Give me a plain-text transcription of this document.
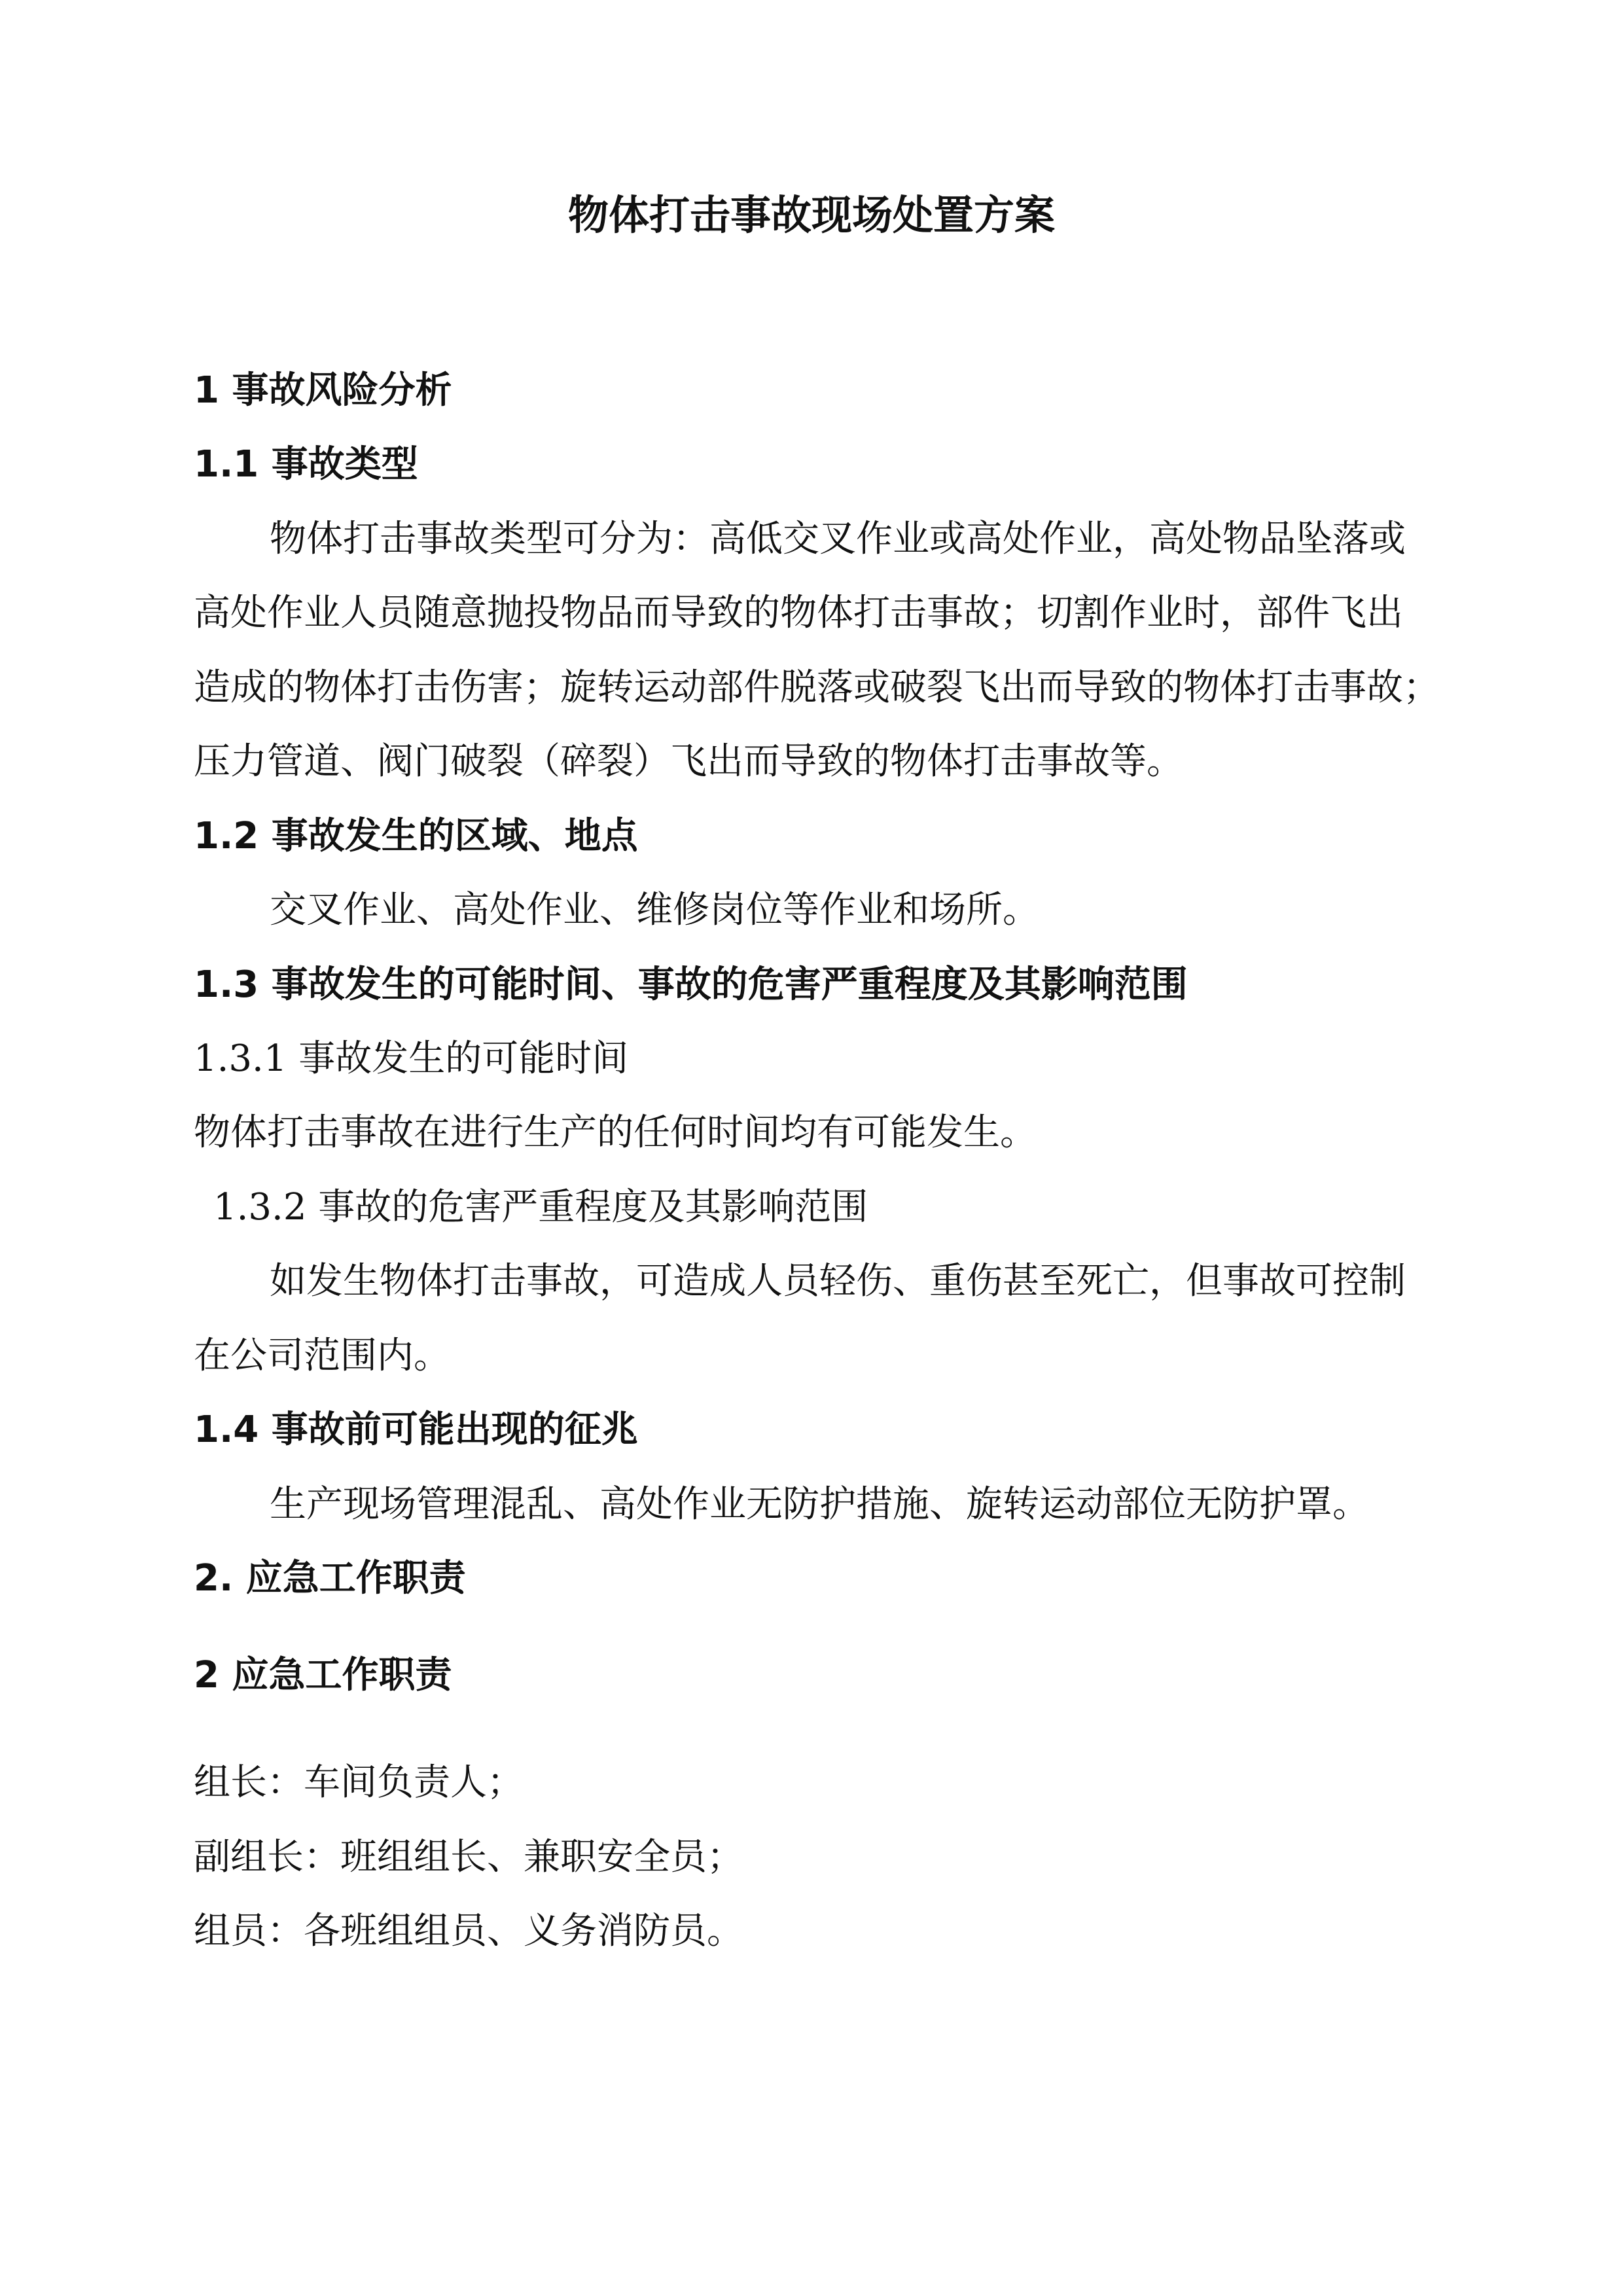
物体打击事故现场处置方案
1 事故风险分析
1.1 事故类型
物体打击事故类型可分为：高低交叉作业或高处作业，高处物品坠落或
高处作业人员随意抛投物品而导致的物体打击事故；切割作业时，部件飞出
造成的物体打击伤害；旋转运动部件脱落或破裂飞出而导致的物体打击事故；
压力管道、阀门破裂（碎裂）飞出而导致的物体打击事故等。
1.2 事故发生的区域、地点
交叉作业、高处作业、维修岗位等作业和场所。
1.3 事故发生的可能时间、事故的危害严重程度及其影响范围
1.3.1 事故发生的可能时间
物体打击事故在进行生产的任何时间均有可能发生。
1.3.2 事故的危害严重程度及其影响范围
如发生物体打击事故，可造成人员轻伤、重伤甚至死亡，但事故可控制
在公司范围内。
1.4 事故前可能出现的征兆
生产现场管理混乱、高处作业无防护措施、旋转运动部位无防护罩。
2. 应急工作职责
2 应急工作职责
组长：车间负责人；
副组长：班组组长、兼职安全员；
组员：各班组组员、义务消防员。
